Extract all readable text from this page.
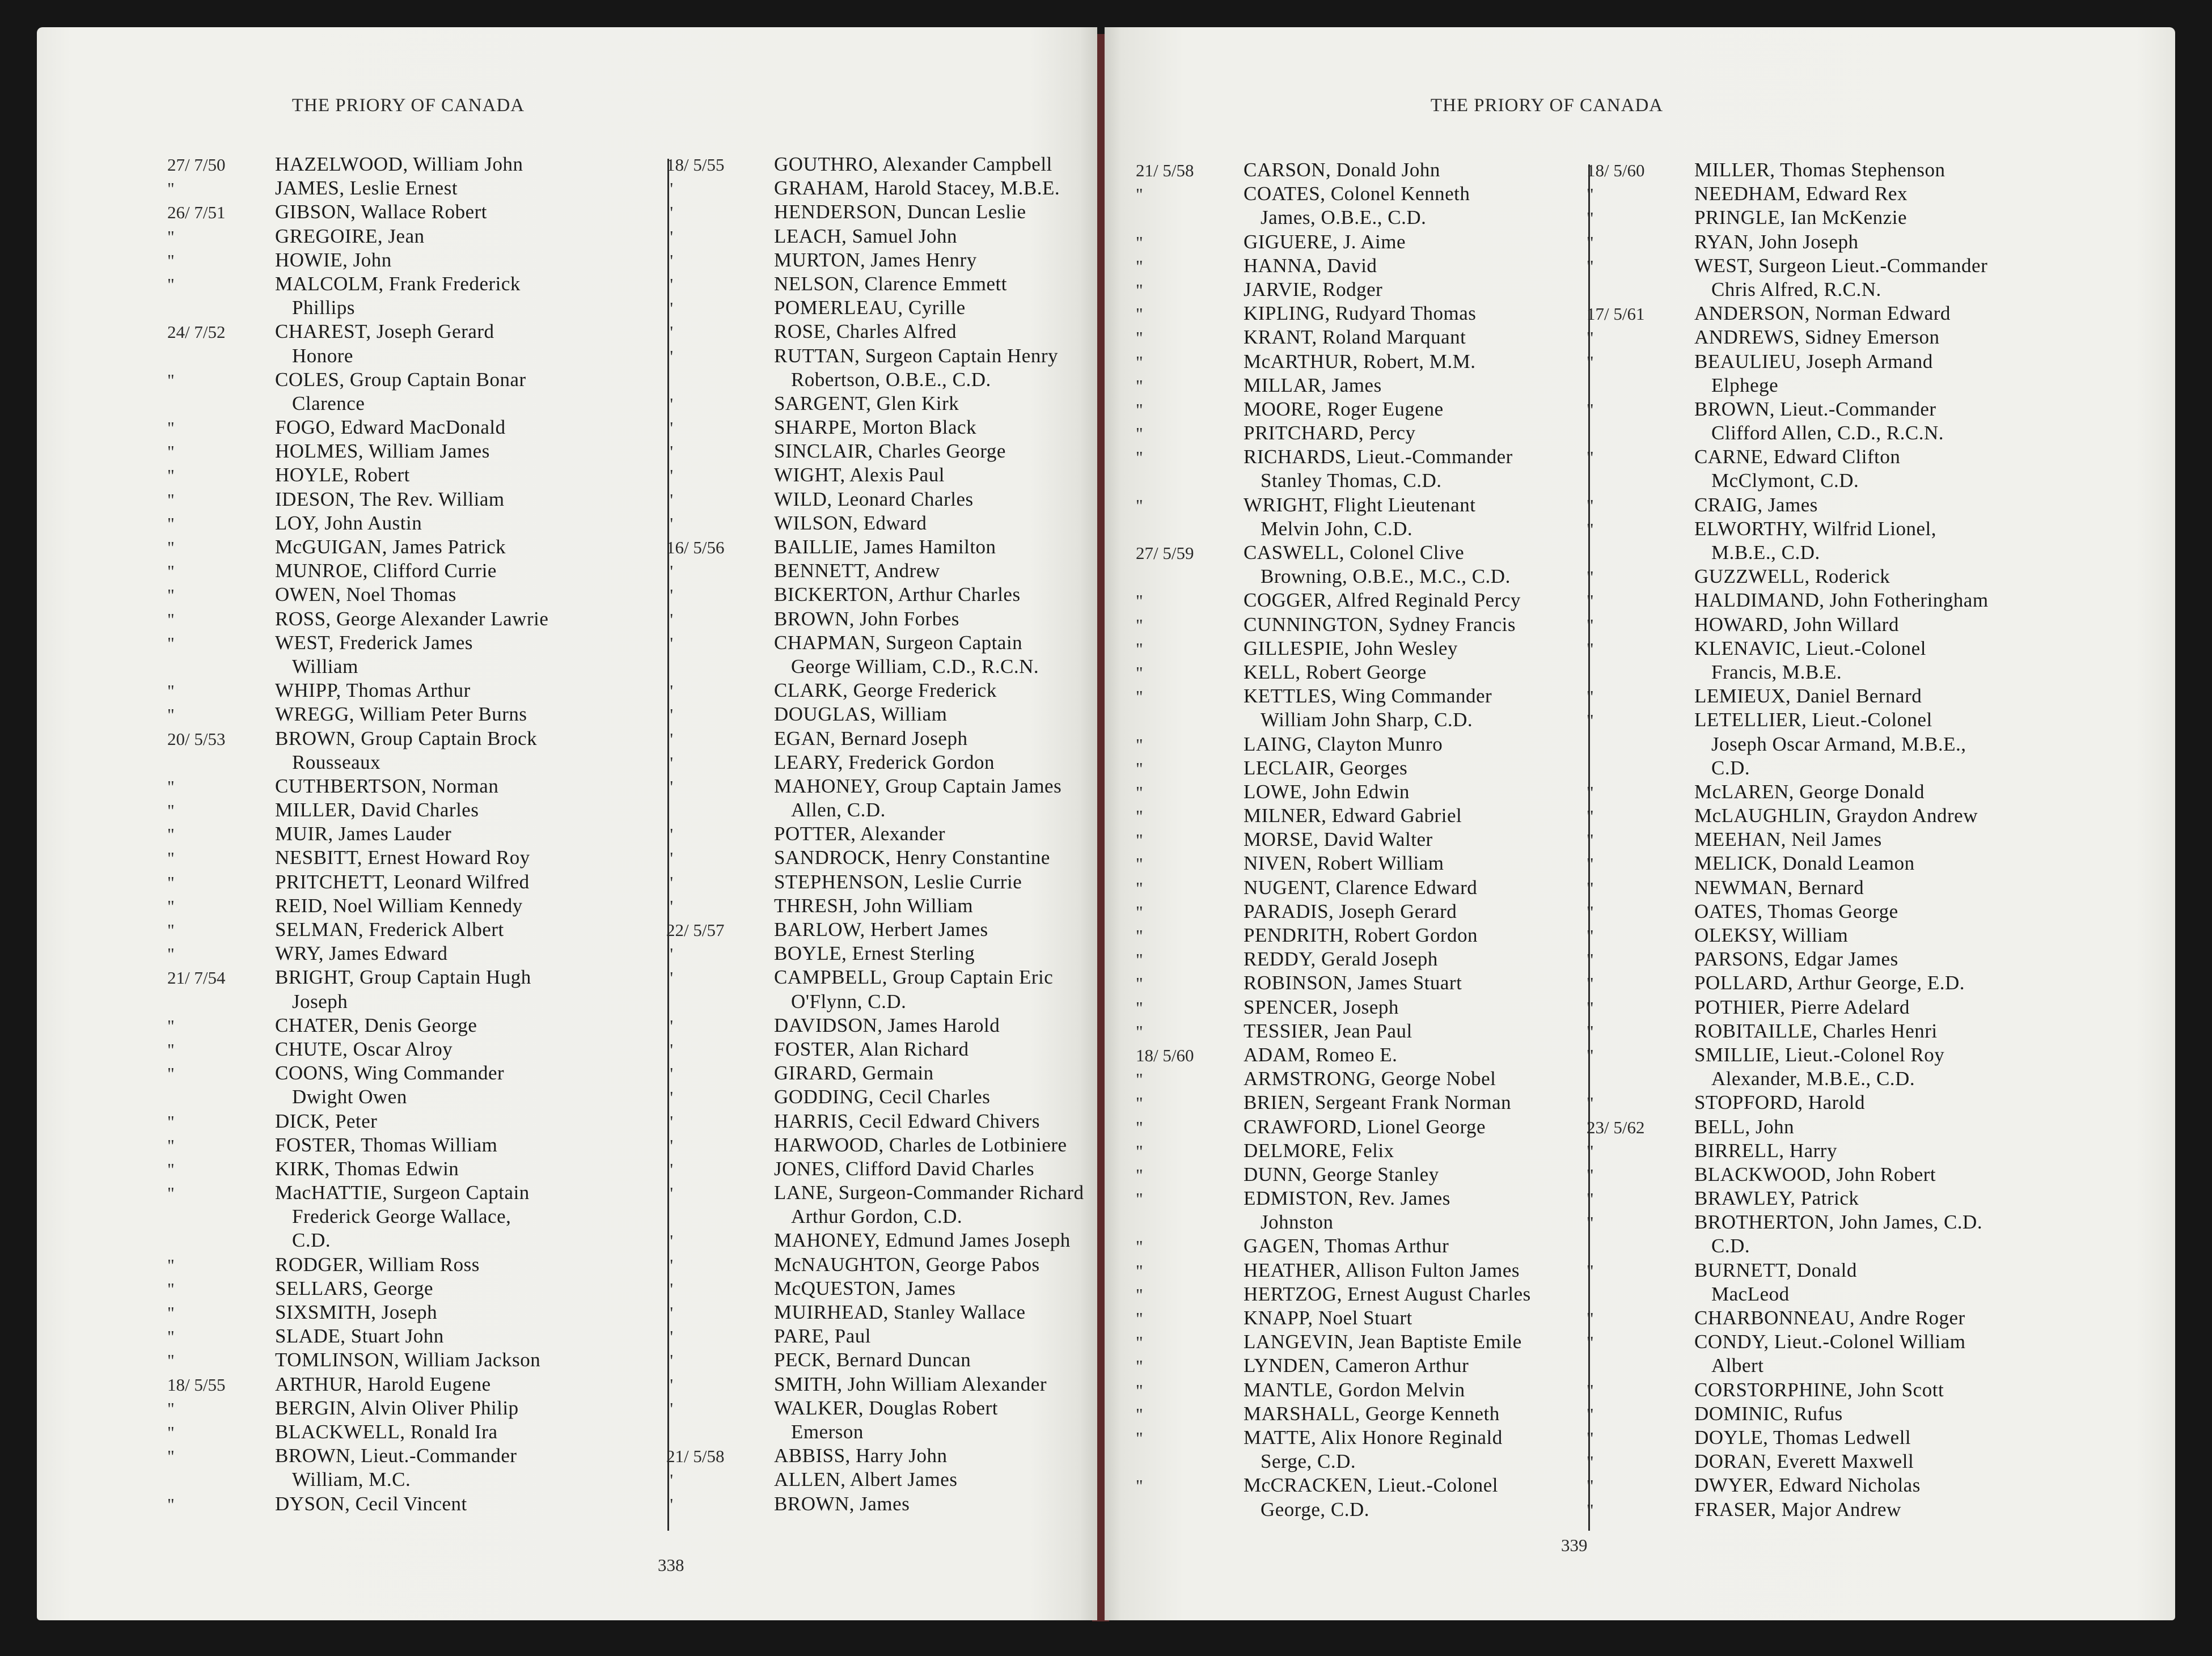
THE PRIORY OF CANADA
27/ 7/50	HAZELWOOD, William John
"	JAMES, Leslie Ernest
26/ 7/51	GIBSON, Wallace Robert
"	GREGOIRE, Jean
"	HOWIE, John
"	MALCOLM, Frank Frederick
Phillips
24/ 7/52	CHAREST, Joseph Gerard
Honore
"	COLES, Group Captain Bonar
Clarence
"	FOGO, Edward MacDonald
"	HOLMES, William James
"	HOYLE, Robert
"	IDESON, The Rev. William
"	LOY, John Austin
"	McGUIGAN, James Patrick
"	MUNROE, Clifford Currie
"	OWEN, Noel Thomas
"	ROSS, George Alexander Lawrie
"	WEST, Frederick James
William
"	WHIPP, Thomas Arthur
"	WREGG, William Peter Burns
20/ 5/53	BROWN, Group Captain Brock
Rousseaux
"	CUTHBERTSON, Norman
"	MILLER, David Charles
"	MUIR, James Lauder
"	NESBITT, Ernest Howard Roy
"	PRITCHETT, Leonard Wilfred
"	REID, Noel William Kennedy
"	SELMAN, Frederick Albert
"	WRY, James Edward
21/ 7/54	BRIGHT, Group Captain Hugh
Joseph
"	CHATER, Denis George
"	CHUTE, Oscar Alroy
"	COONS, Wing Commander
Dwight Owen
"	DICK, Peter
"	FOSTER, Thomas William
"	KIRK, Thomas Edwin
"	MacHATTIE, Surgeon Captain
Frederick George Wallace,
C.D.
"	RODGER, William Ross
"	SELLARS, George
"	SIXSMITH, Joseph
"	SLADE, Stuart John
"	TOMLINSON, William Jackson
18/ 5/55	ARTHUR, Harold Eugene
"	BERGIN, Alvin Oliver Philip
"	BLACKWELL, Ronald Ira
"	BROWN, Lieut.-Commander
William, M.C.
"	DYSON, Cecil Vincent
18/ 5/55	GOUTHRO, Alexander Campbell
"	GRAHAM, Harold Stacey, M.B.E.
"	HENDERSON, Duncan Leslie
"	LEACH, Samuel John
"	MURTON, James Henry
"	NELSON, Clarence Emmett
"	POMERLEAU, Cyrille
"	ROSE, Charles Alfred
"	RUTTAN, Surgeon Captain Henry
Robertson, O.B.E., C.D.
"	SARGENT, Glen Kirk
"	SHARPE, Morton Black
"	SINCLAIR, Charles George
"	WIGHT, Alexis Paul
"	WILD, Leonard Charles
"	WILSON, Edward
16/ 5/56	BAILLIE, James Hamilton
"	BENNETT, Andrew
"	BICKERTON, Arthur Charles
"	BROWN, John Forbes
"	CHAPMAN, Surgeon Captain
George William, C.D., R.C.N.
"	CLARK, George Frederick
"	DOUGLAS, William
"	EGAN, Bernard Joseph
"	LEARY, Frederick Gordon
"	MAHONEY, Group Captain James
Allen, C.D.
"	POTTER, Alexander
"	SANDROCK, Henry Constantine
"	STEPHENSON, Leslie Currie
"	THRESH, John William
22/ 5/57	BARLOW, Herbert James
"	BOYLE, Ernest Sterling
"	CAMPBELL, Group Captain Eric
O'Flynn, C.D.
"	DAVIDSON, James Harold
"	FOSTER, Alan Richard
"	GIRARD, Germain
"	GODDING, Cecil Charles
"	HARRIS, Cecil Edward Chivers
"	HARWOOD, Charles de Lotbiniere
"	JONES, Clifford David Charles
"	LANE, Surgeon-Commander Richard
Arthur Gordon, C.D.
"	MAHONEY, Edmund James Joseph
"	McNAUGHTON, George Pabos
"	McQUESTON, James
"	MUIRHEAD, Stanley Wallace
"	PARE, Paul
"	PECK, Bernard Duncan
"	SMITH, John William Alexander
"	WALKER, Douglas Robert
Emerson
21/ 5/58	ABBISS, Harry John
"	ALLEN, Albert James
"	BROWN, James
338
THE PRIORY OF CANADA
21/ 5/58	CARSON, Donald John
"	COATES, Colonel Kenneth
James, O.B.E., C.D.
"	GIGUERE, J. Aime
"	HANNA, David
"	JARVIE, Rodger
"	KIPLING, Rudyard Thomas
"	KRANT, Roland Marquant
"	McARTHUR, Robert, M.M.
"	MILLAR, James
"	MOORE, Roger Eugene
"	PRITCHARD, Percy
"	RICHARDS, Lieut.-Commander
Stanley Thomas, C.D.
"	WRIGHT, Flight Lieutenant
Melvin John, C.D.
27/ 5/59	CASWELL, Colonel Clive
Browning, O.B.E., M.C., C.D.
"	COGGER, Alfred Reginald Percy
"	CUNNINGTON, Sydney Francis
"	GILLESPIE, John Wesley
"	KELL, Robert George
"	KETTLES, Wing Commander
William John Sharp, C.D.
"	LAING, Clayton Munro
"	LECLAIR, Georges
"	LOWE, John Edwin
"	MILNER, Edward Gabriel
"	MORSE, David Walter
"	NIVEN, Robert William
"	NUGENT, Clarence Edward
"	PARADIS, Joseph Gerard
"	PENDRITH, Robert Gordon
"	REDDY, Gerald Joseph
"	ROBINSON, James Stuart
"	SPENCER, Joseph
"	TESSIER, Jean Paul
18/ 5/60	ADAM, Romeo E.
"	ARMSTRONG, George Nobel
"	BRIEN, Sergeant Frank Norman
"	CRAWFORD, Lionel George
"	DELMORE, Felix
"	DUNN, George Stanley
"	EDMISTON, Rev. James
Johnston
"	GAGEN, Thomas Arthur
"	HEATHER, Allison Fulton James
"	HERTZOG, Ernest August Charles
"	KNAPP, Noel Stuart
"	LANGEVIN, Jean Baptiste Emile
"	LYNDEN, Cameron Arthur
"	MANTLE, Gordon Melvin
"	MARSHALL, George Kenneth
"	MATTE, Alix Honore Reginald
Serge, C.D.
"	McCRACKEN, Lieut.-Colonel
George, C.D.
18/ 5/60	MILLER, Thomas Stephenson
"	NEEDHAM, Edward Rex
"	PRINGLE, Ian McKenzie
"	RYAN, John Joseph
"	WEST, Surgeon Lieut.-Commander
Chris Alfred, R.C.N.
17/ 5/61	ANDERSON, Norman Edward
"	ANDREWS, Sidney Emerson
"	BEAULIEU, Joseph Armand
Elphege
"	BROWN, Lieut.-Commander
Clifford Allen, C.D., R.C.N.
"	CARNE, Edward Clifton
McClymont, C.D.
"	CRAIG, James
"	ELWORTHY, Wilfrid Lionel,
M.B.E., C.D.
"	GUZZWELL, Roderick
"	HALDIMAND, John Fotheringham
"	HOWARD, John Willard
"	KLENAVIC, Lieut.-Colonel
Francis, M.B.E.
"	LEMIEUX, Daniel Bernard
"	LETELLIER, Lieut.-Colonel
Joseph Oscar Armand, M.B.E.,
C.D.
"	McLAREN, George Donald
"	McLAUGHLIN, Graydon Andrew
"	MEEHAN, Neil James
"	MELICK, Donald Leamon
"	NEWMAN, Bernard
"	OATES, Thomas George
"	OLEKSY, William
"	PARSONS, Edgar James
"	POLLARD, Arthur George, E.D.
"	POTHIER, Pierre Adelard
"	ROBITAILLE, Charles Henri
"	SMILLIE, Lieut.-Colonel Roy
Alexander, M.B.E., C.D.
"	STOPFORD, Harold
23/ 5/62	BELL, John
"	BIRRELL, Harry
"	BLACKWOOD, John Robert
"	BRAWLEY, Patrick
"	BROTHERTON, John James, C.D.
C.D.
"	BURNETT, Donald
MacLeod
"	CHARBONNEAU, Andre Roger
"	CONDY, Lieut.-Colonel William
Albert
"	CORSTORPHINE, John Scott
"	DOMINIC, Rufus
"	DOYLE, Thomas Ledwell
"	DORAN, Everett Maxwell
"	DWYER, Edward Nicholas
"	FRASER, Major Andrew
339
